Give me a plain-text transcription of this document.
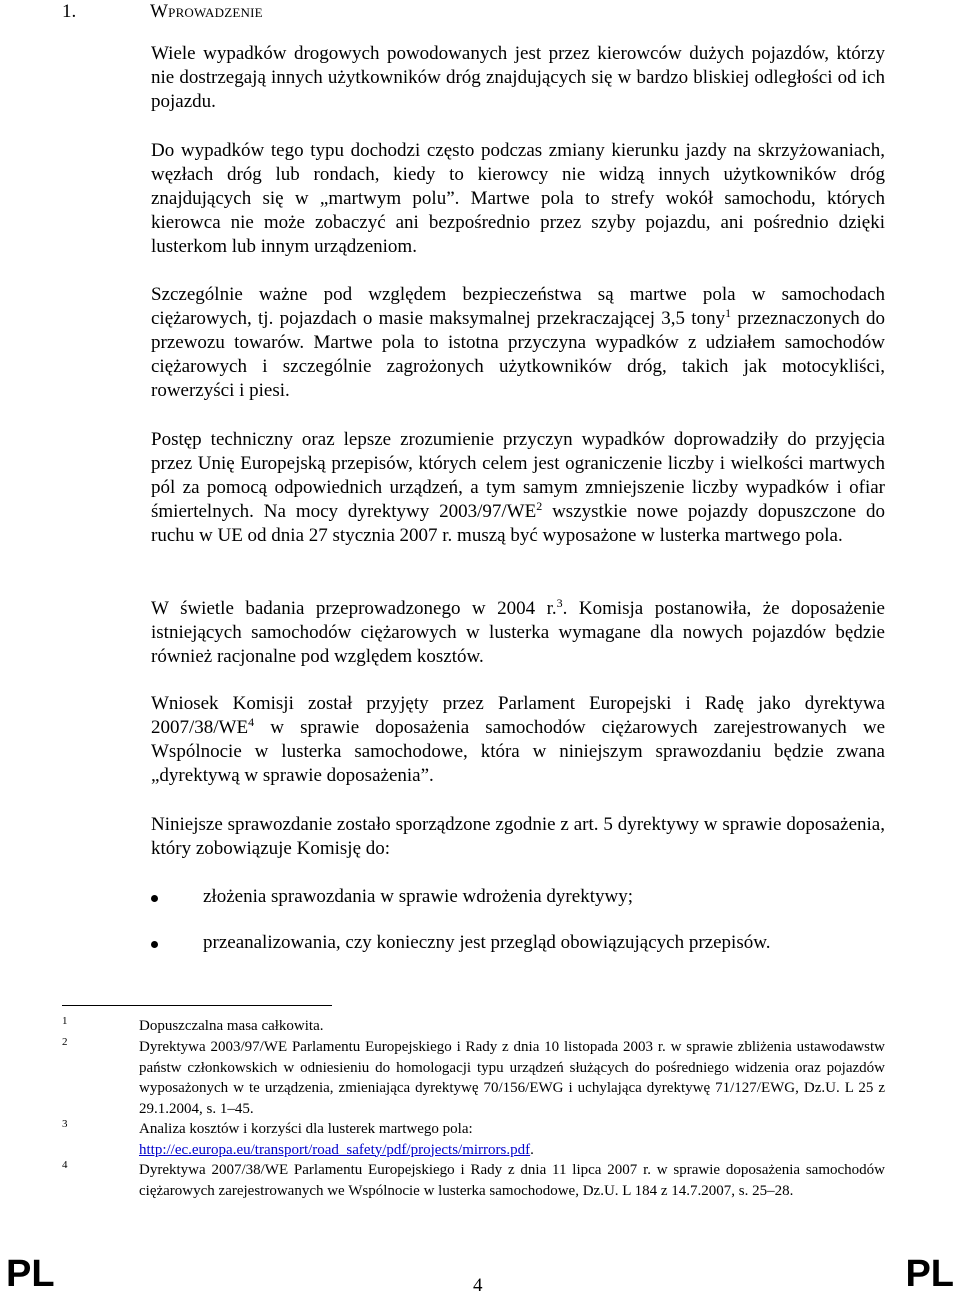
1.	Wprowadzenie
Wiele wypadków drogowych powodowanych jest przez kierowców dużych pojazdów, którzy nie dostrzegają innych użytkowników dróg znajdujących się w bardzo bliskiej odległości od ich pojazdu.
Do wypadków tego typu dochodzi często podczas zmiany kierunku jazdy na skrzyżowaniach, węzłach dróg lub rondach, kiedy to kierowcy nie widzą innych użytkowników dróg znajdujących się w „martwym polu”. Martwe pola to strefy wokół samochodu, których kierowca nie może zobaczyć ani bezpośrednio przez szyby pojazdu, ani pośrednio dzięki lusterkom lub innym urządzeniom.
Szczególnie ważne pod względem bezpieczeństwa są martwe pola w samochodach ciężarowych, tj. pojazdach o masie maksymalnej przekraczającej 3,5 tony$^1$ przeznaczonych do przewozu towarów. Martwe pola to istotna przyczyna wypadków z udziałem samochodów ciężarowych i szczególnie zagrożonych użytkowników dróg, takich jak motocykliści, rowerzyści i piesi.
Postęp techniczny oraz lepsze zrozumienie przyczyn wypadków doprowadziły do przyjęcia przez Unię Europejską przepisów, których celem jest ograniczenie liczby i wielkości martwych pól za pomocą odpowiednich urządzeń, a tym samym zmniejszenie liczby wypadków i ofiar śmiertelnych. Na mocy dyrektywy $2003/97/WE^2$ wszystkie nowe pojazdy dopuszczone do ruchu w UE od dnia 27 stycznia 2007 r. muszą być wyposażone w lusterka martwego pola.
W świetle badania przeprowadzonego w 2004 r.$^3$. Komisja postanowiła, że doposażenie istniejących samochodów ciężarowych w lusterka wymagane dla nowych pojazdów będzie również racjonalne pod względem kosztów.
Wniosek Komisji został przyjęty przez Parlament Europejski i Radę jako dyrektywa $2007/38/WE^4$ w sprawie doposażenia samochodów ciężarowych zarejestrowanych we Wspólnocie w lusterka samochodowe, która w niniejszym sprawozdaniu będzie zwana „dyrektywą w sprawie doposażenia”.
Niniejsze sprawozdanie zostało sporządzone zgodnie z art. 5 dyrektywy w sprawie doposażenia, który zobowiązuje Komisję do:
złożenia sprawozdania w sprawie wdrożenia dyrektywy;
przeanalizowania, czy konieczny jest przegląd obowiązujących przepisów.
1	Dopuszczalna masa całkowita.
2	Dyrektywa 2003/97/WE Parlamentu Europejskiego i Rady z dnia 10 listopada 2003 r. w sprawie zbliżenia ustawodawstw państw członkowskich w odniesieniu do homologacji typu urządzeń służących do pośredniego widzenia oraz pojazdów wyposażonych w te urządzenia, zmieniająca dyrektywę 70/156/EWG i uchylająca dyrektywę 71/127/EWG, Dz.U. L 25 z 29.1.2004, s. 1–45.
3	Analiza kosztów i korzyści dla lusterek martwego pola:
http://ec.europa.eu/transport/road_safety/pdf/projects/mirrors.pdf.
4	Dyrektywa 2007/38/WE Parlamentu Europejskiego i Rady z dnia 11 lipca 2007 r. w sprawie doposażenia samochodów ciężarowych zarejestrowanych we Wspólnocie w lusterka samochodowe, Dz.U. L 184 z 14.7.2007, s. 25–28.
PL	4	PL
